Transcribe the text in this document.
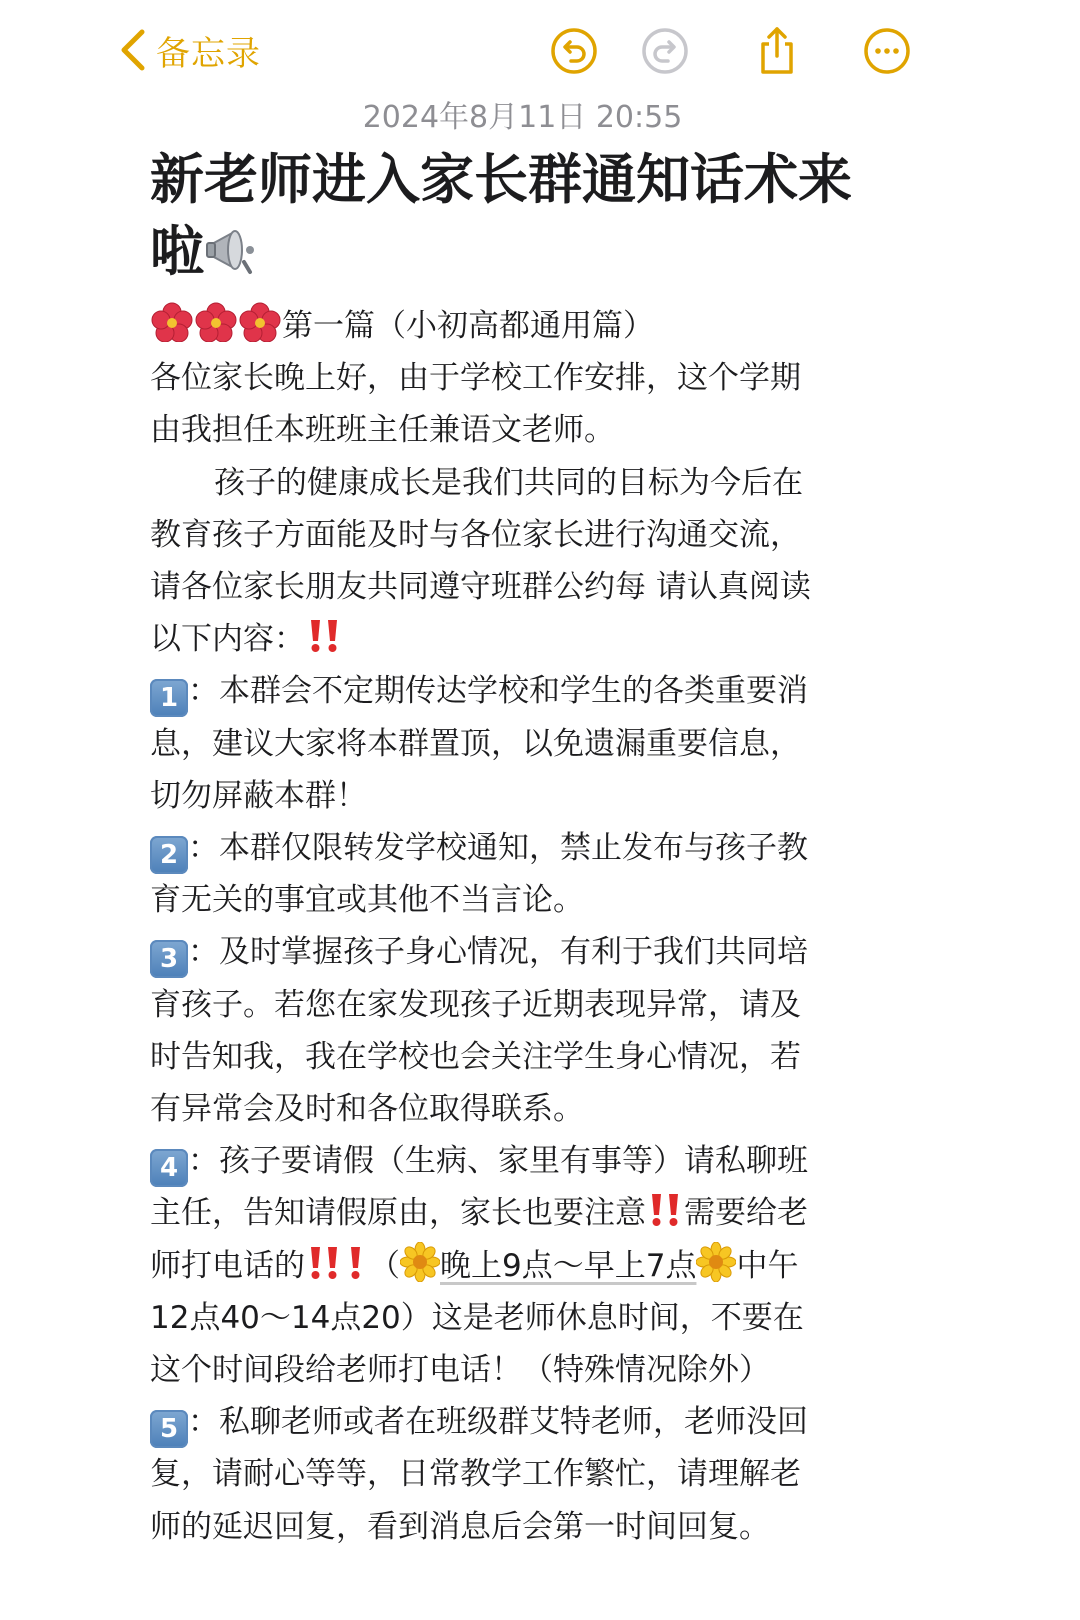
备忘录
2024年8月11日 20:55
新老师进入家长群通知话术来
啦
第一篇（小初高都通用篇）
各位家长晚上好，由于学校工作安排，这个学期
由我担任本班班主任兼语文老师。
孩子的健康成长是我们共同的目标为今后在
教育孩子方面能及时与各位家长进行沟通交流，
请各位家长朋友共同遵守班群公约每 请认真阅读
以下内容：
1 ：本群会不定期传达学校和学生的各类重要消
息，建议大家将本群置顶，以免遗漏重要信息，
切勿屏蔽本群！
2 ：本群仅限转发学校通知，禁止发布与孩子教
育无关的事宜或其他不当言论。
3 ：及时掌握孩子身心情况，有利于我们共同培
育孩子。若您在家发现孩子近期表现异常，请及
时告知我，我在学校也会关注学生身心情况，若
有异常会及时和各位取得联系。
4 ：孩子要请假（生病、家里有事等）请私聊班
主任，告知请假原由，家长也要注意 需要给老
师打电话的 （ 晚上9点～早上7点 中午
12点40～14点20）这是老师休息时间，不要在
这个时间段给老师打电话！（特殊情况除外）
5 ：私聊老师或者在班级群艾特老师，老师没回
复，请耐心等等，日常教学工作繁忙，请理解老
师的延迟回复，看到消息后会第一时间回复。
